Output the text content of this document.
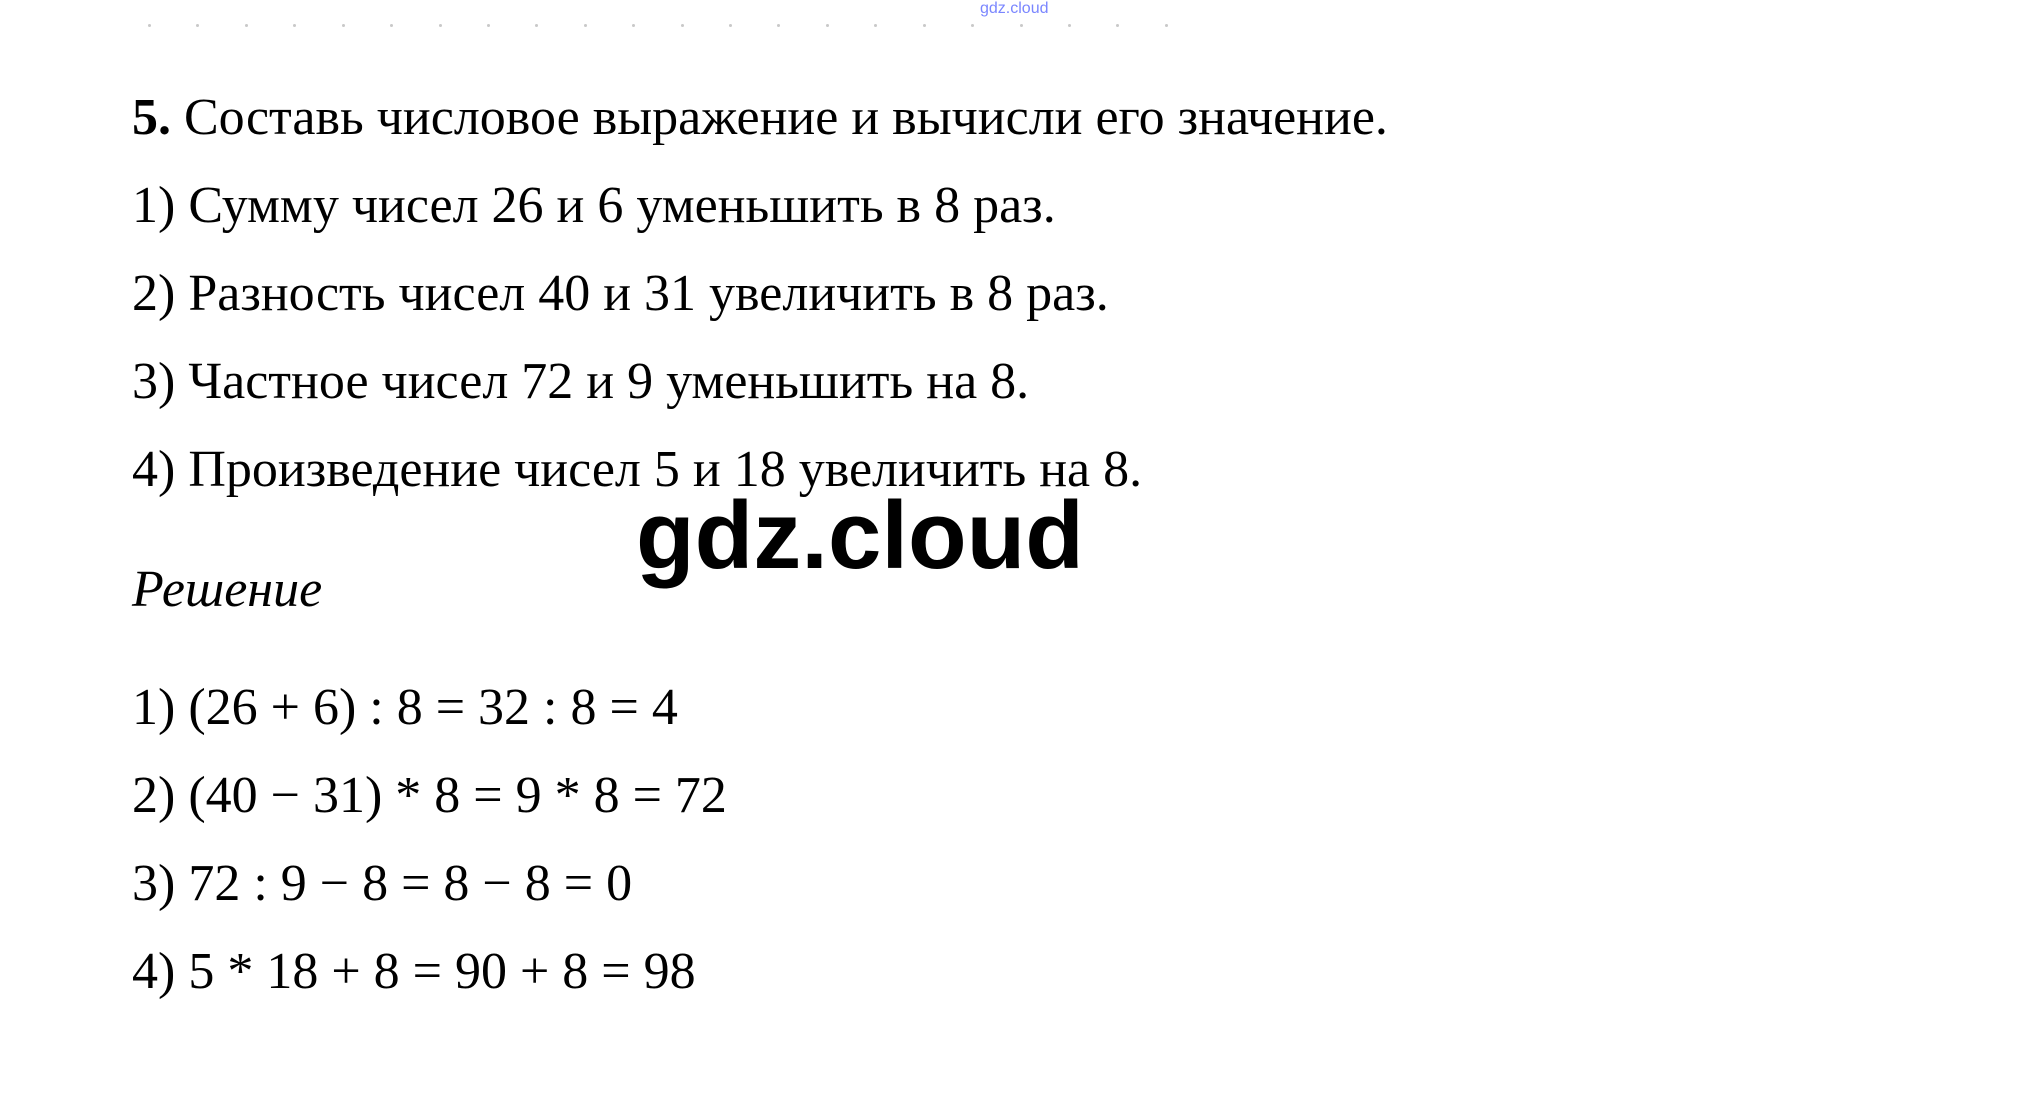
gdz.cloud
5. Составь числовое выражение и вычисли его значение.
1) Сумму чисел 26 и 6 уменьшить в 8 раз.
2) Разность чисел 40 и 31 увеличить в 8 раз.
3) Частное чисел 72 и 9 уменьшить на 8.
4) Произведение чисел 5 и 18 увеличить на 8.
gdz.cloud
Решение
1) (26 + 6) : 8 = 32 : 8 = 4
2) (40 − 31) * 8 = 9 * 8 = 72
3) 72 : 9 − 8 = 8 − 8 = 0
4) 5 * 18 + 8 = 90 + 8 = 98
